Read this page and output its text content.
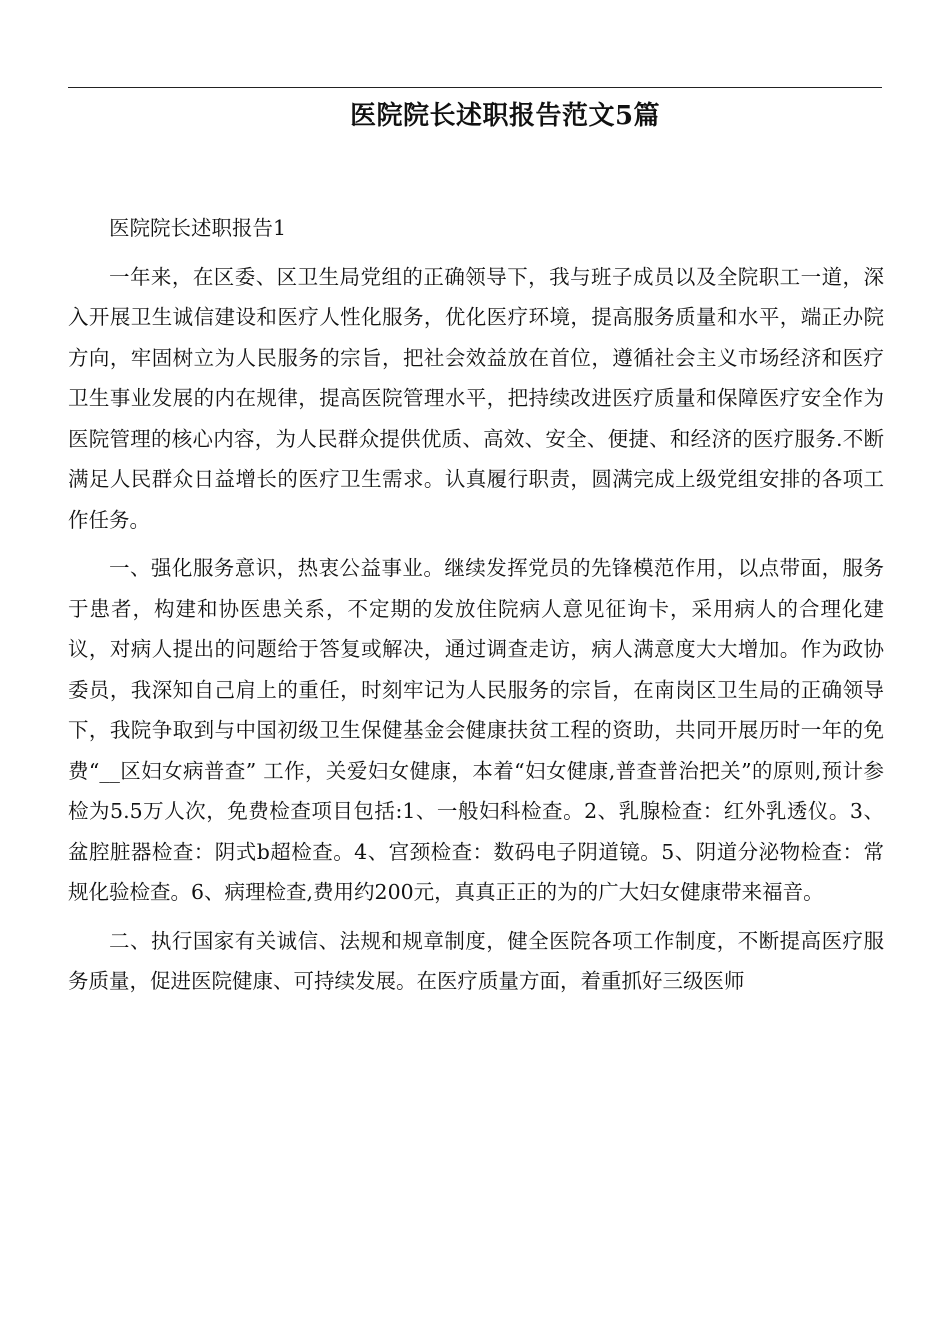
医院院长述职报告范文5篇

医院院长述职报告1

一年来，在区委、区卫生局党组的正确领导下，我与班子成员以及全院职工一道，深入开展卫生诚信建设和医疗人性化服务，优化医疗环境，提高服务质量和水平，端正办院方向，牢固树立为人民服务的宗旨，把社会效益放在首位，遵循社会主义市场经济和医疗卫生事业发展的内在规律，提高医院管理水平，把持续改进医疗质量和保障医疗安全作为医院管理的核心内容，为人民群众提供优质、高效、安全、便捷、和经济的医疗服务.不断满足人民群众日益增长的医疗卫生需求。认真履行职责，圆满完成上级党组安排的各项工作任务。

一、强化服务意识，热衷公益事业。继续发挥党员的先锋模范作用，以点带面，服务于患者，构建和协医患关系，不定期的发放住院病人意见征询卡，采用病人的合理化建议，对病人提出的问题给于答复或解决，通过调查走访，病人满意度大大增加。作为政协委员，我深知自己肩上的重任，时刻牢记为人民服务的宗旨，在南岗区卫生局的正确领导下，我院争取到与中国初级卫生保健基金会健康扶贫工程的资助，共同开展历时一年的免费“__区妇女病普查” 工作，关爱妇女健康，本着“妇女健康,普查普治把关”的原则,预计参检为5.5万人次，免费检查项目包括:1、一般妇科检查。2、乳腺检查：红外乳透仪。3、盆腔脏器检查：阴式b超检查。4、宫颈检查：数码电子阴道镜。5、阴道分泌物检查：常规化验检查。6、病理检查,费用约200元，真真正正的为的广大妇女健康带来福音。

二、执行国家有关诚信、法规和规章制度，健全医院各项工作制度，不断提高医疗服务质量，促进医院健康、可持续发展。在医疗质量方面，着重抓好三级医师
